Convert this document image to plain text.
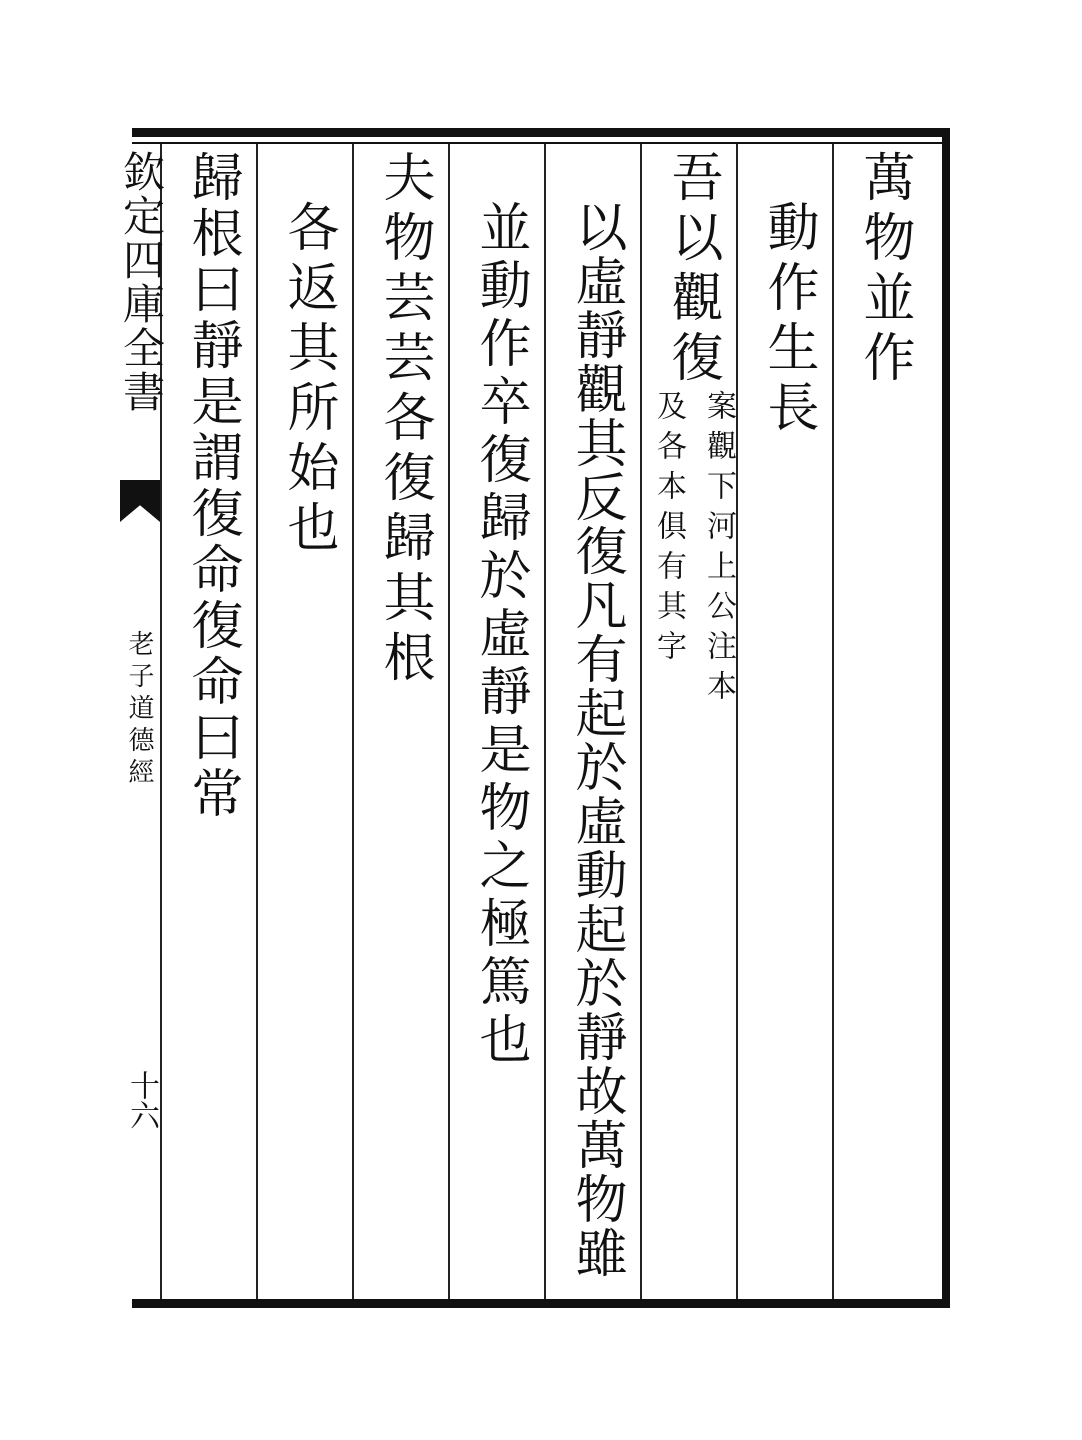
欽定四庫全書
老子道德經
十六
萬物並作
動作生長
吾以觀復
案觀下河上公注本
及各本俱有其字
以虛靜觀其反復凡有起於虛動起於靜故萬物雖
並動作卒復歸於虛靜是物之極篤也
夫物芸芸各復歸其根
各返其所始也
歸根曰靜是謂復命復命曰常
